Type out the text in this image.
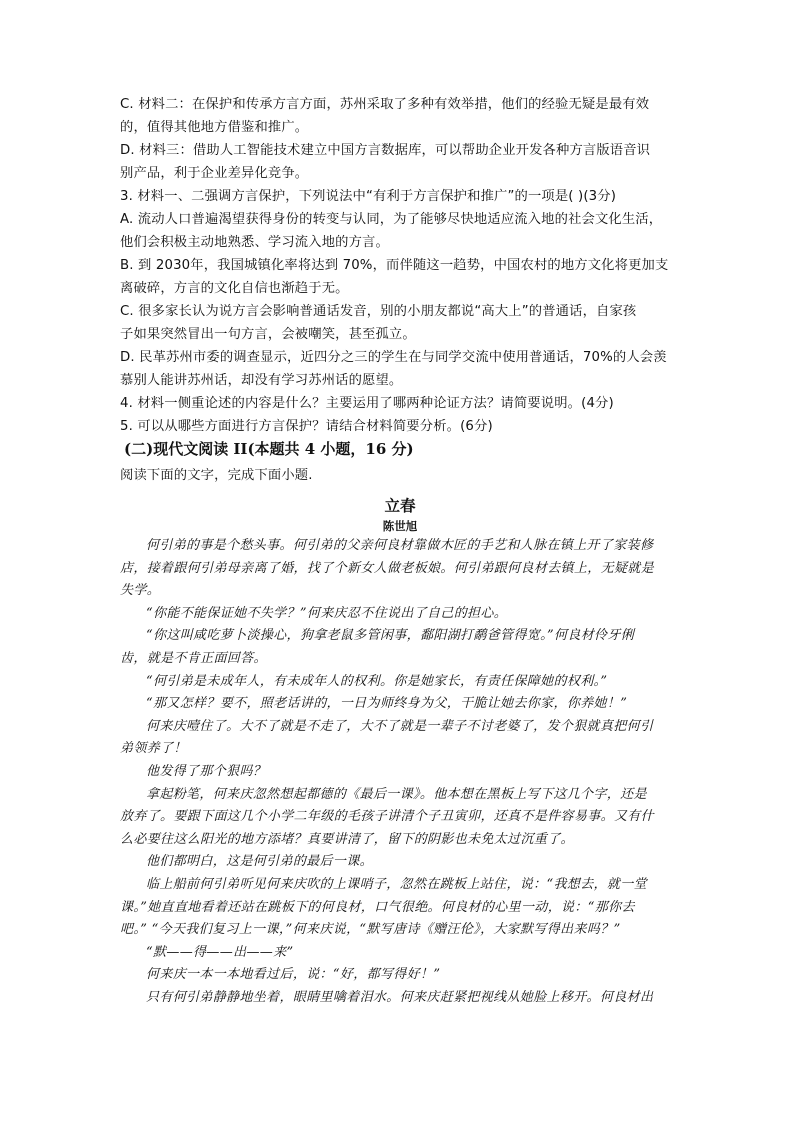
C. 材料二：在保护和传承方言方面，苏州采取了多种有效举措，他们的经验无疑是最有效

的，值得其他地方借鉴和推广。

D. 材料三：借助人工智能技术建立中国方言数据库，可以帮助企业开发各种方言版语音识

别产品，利于企业差异化竞争。

3. 材料一、二强调方言保护，下列说法中“有利于方言保护和推广”的一项是( )(3分)

A. 流动人口普遍渴望获得身份的转变与认同，为了能够尽快地适应流入地的社会文化生活，

他们会积极主动地熟悉、学习流入地的方言。

B. 到 2030年，我国城镇化率将达到 70%，而伴随这一趋势，中国农村的地方文化将更加支

离破碎，方言的文化自信也渐趋于无。

C. 很多家长认为说方言会影响普通话发音，别的小朋友都说“高大上”的普通话，自家孩

子如果突然冒出一句方言，会被嘲笑，甚至孤立。

D. 民革苏州市委的调查显示，近四分之三的学生在与同学交流中使用普通话，70%的人会羡

慕别人能讲苏州话，却没有学习苏州话的愿望。

4. 材料一侧重论述的内容是什么？主要运用了哪两种论证方法？请简要说明。(4分)

5. 可以从哪些方面进行方言保护？请结合材料简要分析。(6分)

(二)现代文阅读 II(本题共 4 小题，16 分)

阅读下面的文字，完成下面小题.

立春

陈世旭

何引弟的事是个愁头事。何引弟的父亲何良材靠做木匠的手艺和人脉在镇上开了家装修

店，接着跟何引弟母亲离了婚，找了个新女人做老板娘。何引弟跟何良材去镇上，无疑就是

失学。

“你能不能保证她不失学？”何来庆忍不住说出了自己的担心。

“你这叫咸吃萝卜淡操心，狗拿老鼠多管闲事，鄱阳湖打鹬爸管得宽。”何良材伶牙俐

齿，就是不肯正面回答。

“何引弟是未成年人，有未成年人的权利。你是她家长，有责任保障她的权利。”

“那又怎样？要不，照老话讲的，一日为师终身为父，干脆让她去你家，你养她！”

何来庆噎住了。大不了就是不走了，大不了就是一辈子不讨老婆了，发个狠就真把何引

弟领养了！

他发得了那个狠吗？

拿起粉笔，何来庆忽然想起都德的《最后一课》。他本想在黑板上写下这几个字，还是

放弃了。要跟下面这几个小学二年级的毛孩子讲清个子丑寅卯，还真不是件容易事。又有什

么必要往这么阳光的地方添堵？真要讲清了，留下的阴影也未免太过沉重了。

他们都明白，这是何引弟的最后一课。

临上船前何引弟听见何来庆吹的上课哨子，忽然在跳板上站住，说：“我想去，就一堂

课。”她直直地看着还站在跳板下的何良材，口气很绝。何良材的心里一动，说：“那你去

吧。” “今天我们复习上一课，”何来庆说，“默写唐诗《赠汪伦》，大家默写得出来吗？”

“默——得——出——来”

何来庆一本一本地看过后，说：“好，都写得好！”

只有何引弟静静地坐着，眼睛里噙着泪水。何来庆赶紧把视线从她脸上移开。何良材出
